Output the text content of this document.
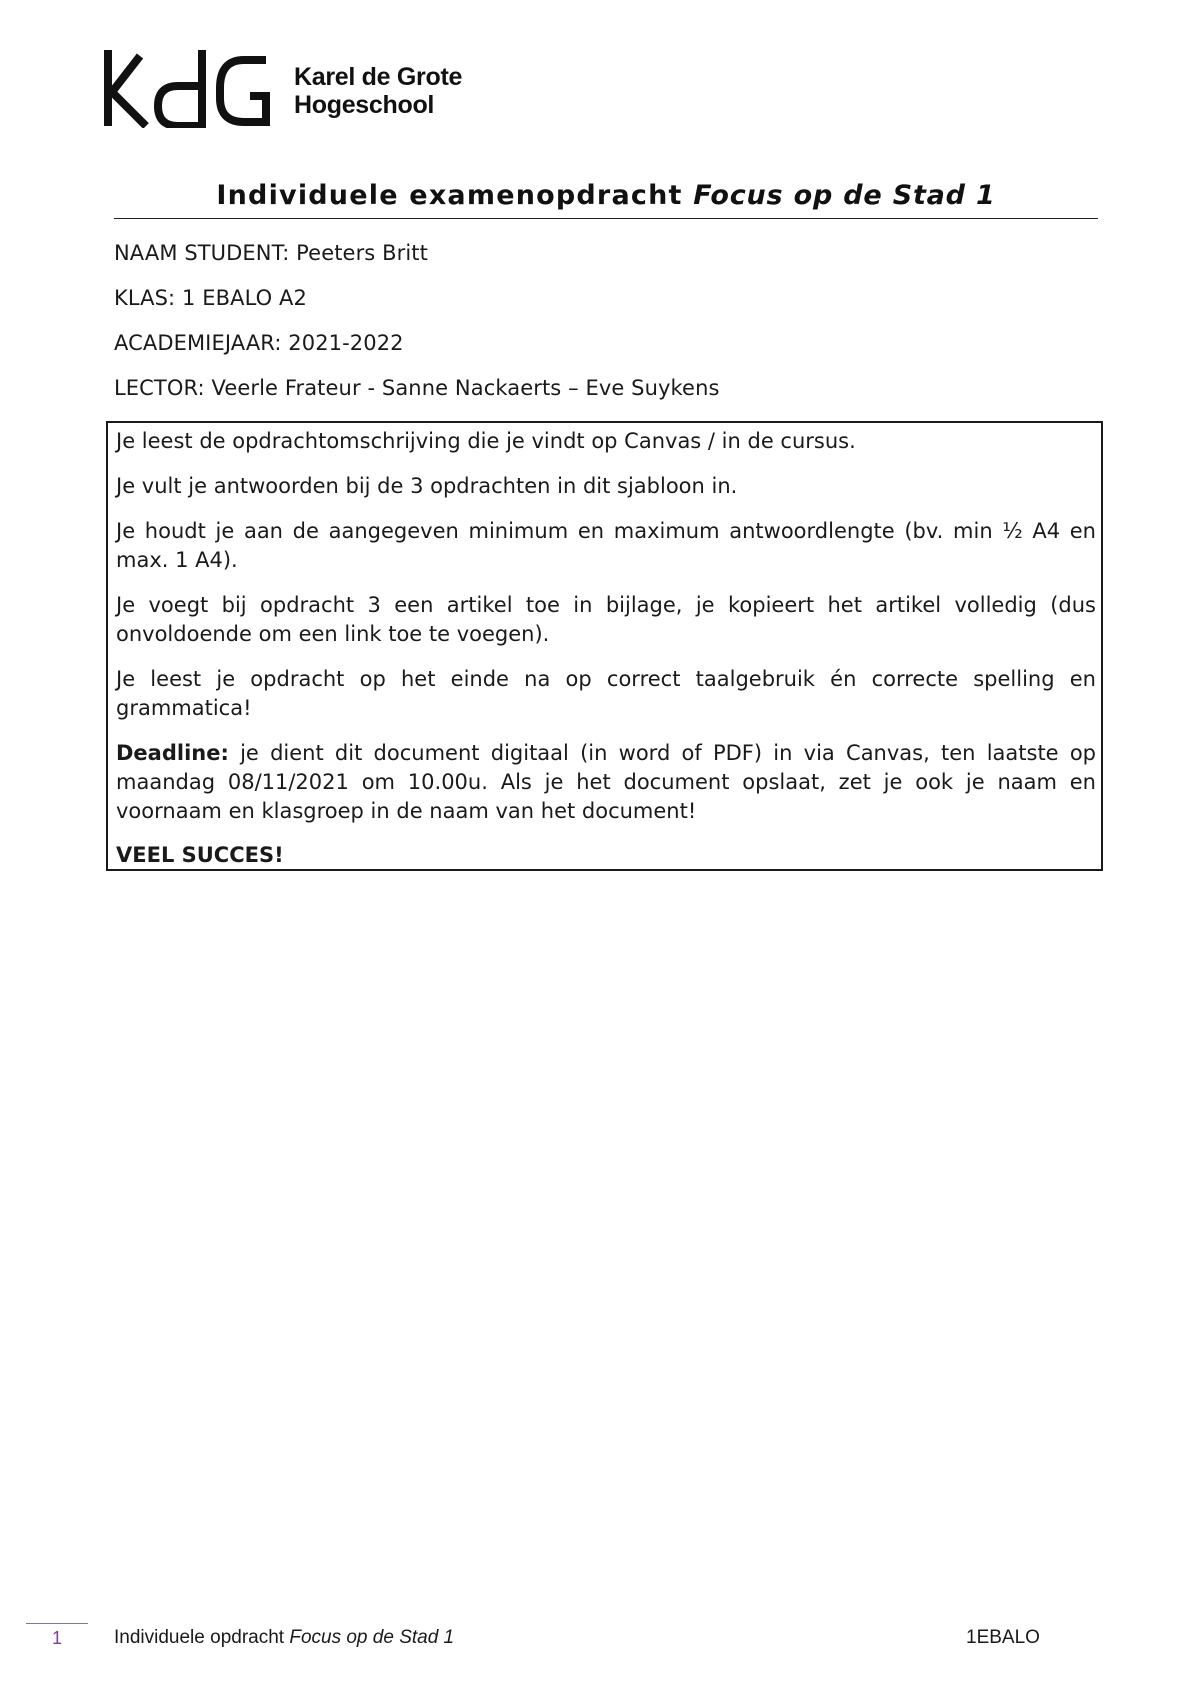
Karel de Grote
Hogeschool
Individuele examenopdracht Focus op de Stad 1
NAAM STUDENT: Peeters Britt
KLAS: 1 EBALO A2
ACADEMIEJAAR: 2021-2022
LECTOR: Veerle Frateur - Sanne Nackaerts – Eve Suykens

Je leest de opdrachtomschrijving die je vindt op Canvas / in de cursus.

Je vult je antwoorden bij de 3 opdrachten in dit sjabloon in.

Je houdt je aan de aangegeven minimum en maximum antwoordlengte (bv. min ½ A4 en max. 1 A4).

Je voegt bij opdracht 3 een artikel toe in bijlage, je kopieert het artikel volledig (dus onvoldoende om een link toe te voegen).

Je leest je opdracht op het einde na op correct taalgebruik én correcte spelling en grammatica!

Deadline: je dient dit document digitaal (in word of PDF) in via Canvas, ten laatste op maandag 08/11/2021 om 10.00u. Als je het document opslaat, zet je ook je naam en voornaam en klasgroep in de naam van het document!

VEEL SUCCES!

1	Individuele opdracht Focus op de Stad 1	1EBALO
